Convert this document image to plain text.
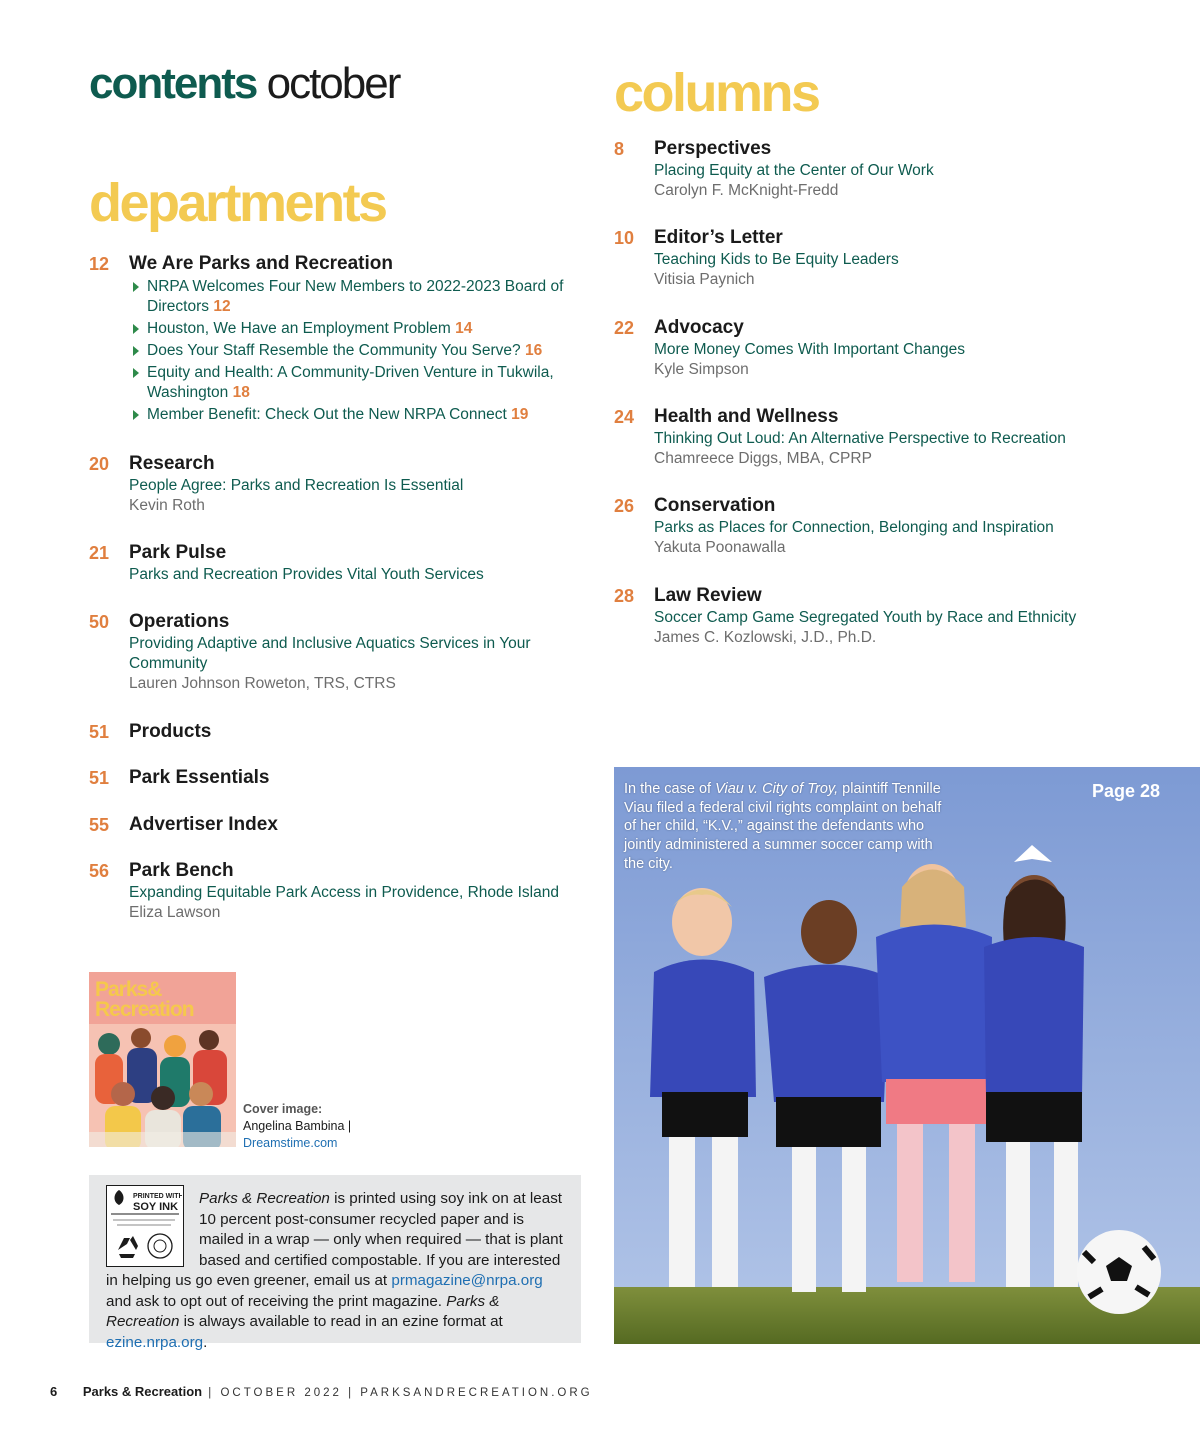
contents october
departments
columns
12 We Are Parks and Recreation
NRPA Welcomes Four New Members to 2022-2023 Board of
Directors 12
Houston, We Have an Employment Problem 14
Does Your Staff Resemble the Community You Serve? 16
Equity and Health: A Community-Driven Venture in Tukwila,
Washington 18
Member Benefit: Check Out the New NRPA Connect 19
20 Research
People Agree: Parks and Recreation Is Essential
Kevin Roth
21 Park Pulse
Parks and Recreation Provides Vital Youth Services
50 Operations
Providing Adaptive and Inclusive Aquatics Services in Your
Community
Lauren Johnson Roweton, TRS, CTRS
51 Products
51 Park Essentials
55 Advertiser Index
56 Park Bench
Expanding Equitable Park Access in Providence, Rhode Island
Eliza Lawson
8 Perspectives
Placing Equity at the Center of Our Work
Carolyn F. McKnight-Fredd
10 Editor’s Letter
Teaching Kids to Be Equity Leaders
Vitisia Paynich
22 Advocacy
More Money Comes With Important Changes
Kyle Simpson
24 Health and Wellness
Thinking Out Loud: An Alternative Perspective to Recreation
Chamreece Diggs, MBA, CPRP
26 Conservation
Parks as Places for Connection, Belonging and Inspiration
Yakuta Poonawalla
28 Law Review
Soccer Camp Game Segregated Youth by Race and Ethnicity
James C. Kozlowski, J.D., Ph.D.
Parks&
Recreation
Cover image:
Angelina Bambina |
Dreamstime.com
PRINTED WITH
SOY INK	Parks & Recreation is printed using soy ink on at least 10 percent post-consumer recycled paper and is mailed in a wrap — only when required — that is plant based and certified compostable. If you are interested in helping us go even greener, email us at prmagazine@nrpa.org and ask to opt out of receiving the print magazine. Parks & Recreation is always available to read in an ezine format at ezine.nrpa.org.
In the case of Viau v. City of Troy, plaintiff Tennille Viau filed a federal civil rights complaint on behalf of her child, “K.V.,” against the defendants who jointly administered a summer soccer camp with the city.
Page 28
6 Parks & Recreation | OCTOBER 2022 | PARKSANDRECREATION.ORG
